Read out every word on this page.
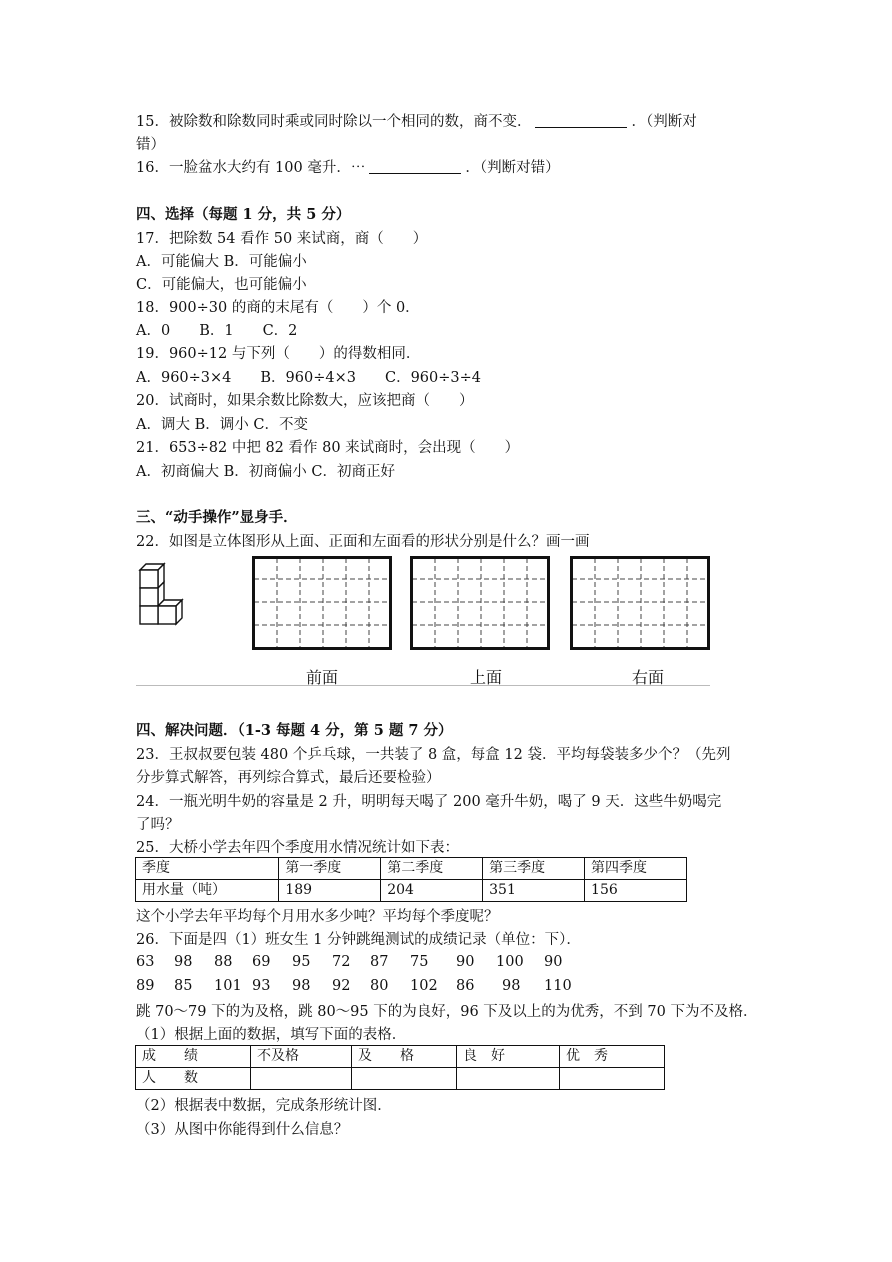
15．被除数和除数同时乘或同时除以一个相同的数，商不变．	．（判断对
错）
16．一脸盆水大约有 100 毫升．⋯	．（判断对错）
四、选择（每题 1 分，共 5 分）
17．把除数 54 看作 50 来试商，商（　　）
A．可能偏大 B．可能偏小
C．可能偏大，也可能偏小
18．900÷30 的商的末尾有（　　）个 0．
A．0　　B．1　　C．2
19．960÷12 与下列（　　）的得数相同．
A．960÷3×4　　B．960÷4×3　　C．960÷3÷4
20．试商时，如果余数比除数大，应该把商（　　）
A．调大 B．调小 C．不变
21．653÷82 中把 82 看作 80 来试商时，会出现（　　）
A．初商偏大 B．初商偏小 C．初商正好
三、“动手操作”显身手．
22．如图是立体图形从上面、正面和左面看的形状分别是什么？画一画
前面	上面	右面
四、解决问题．（1-3 每题 4 分，第 5 题 7 分）
23．王叔叔要包装 480 个乒乓球，一共装了 8 盒，每盒 12 袋．平均每袋装多少个？（先列
分步算式解答，再列综合算式，最后还要检验）
24．一瓶光明牛奶的容量是 2 升，明明每天喝了 200 毫升牛奶，喝了 9 天．这些牛奶喝完
了吗？
25．大桥小学去年四个季度用水情况统计如下表：
季度	第一季度	第二季度	第三季度	第四季度
用水量（吨）	189	204	351	156
这个小学去年平均每个月用水多少吨？平均每个季度呢？
26．下面是四（1）班女生 1 分钟跳绳测试的成绩记录（单位：下）．
63 98 88 69 95 72 87 75 90 100 90
89 85 101 93 98 92 80 102 86 98 110
跳 70～79 下的为及格，跳 80～95 下的为良好，96 下及以上的为优秀，不到 70 下为不及格．
（1）根据上面的数据，填写下面的表格．
成　　绩	不及格	及　　格	良　好	优　秀
人　　数				
（2）根据表中数据，完成条形统计图．
（3）从图中你能得到什么信息？
